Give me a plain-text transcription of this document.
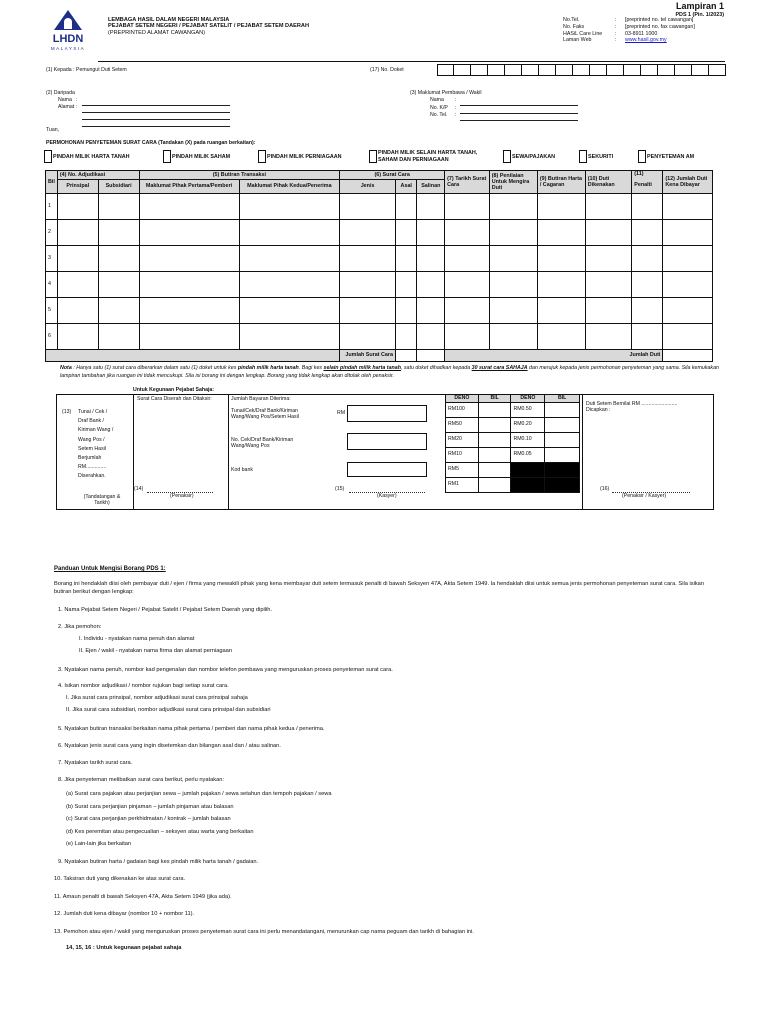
LHDN
MALAYSIA
LEMBAGA HASIL DALAM NEGERI MALAYSIA
PEJABAT SETEM NEGERI / PEJABAT SATELIT / PEJABAT SETEM DAERAH
(PREPRINTED ALAMAT CAWANGAN)
Lampiran 1
PDS 1 (Pin. 1/2023)
No.Tel.	:	[preprinted no. tel cawangan]
No. Faks	:	[preprinted no. fax cawangan]
HASiL Care Line	:	03-8911 1000
Laman Web	:	www.hasil.gov.my
(1) Kepada : Pemungut Duti Setem	(17) No. Doket
(2) Daripada
Nama
Alamat
:
:
(3) Maklumat Pembawa / Wakil
Nama
No. K/P
No. Tel.
:
:
:
Tuan,
PERMOHONAN PENYETEMAN SURAT CARA (Tandakan (X) pada ruangan berkaitan):
PINDAH MILIK HARTA TANAH	PINDAH MILIK SAHAM	PINDAH MILIK PERNIAGAAN
PINDAH MILIK SELAIN HARTA TANAH, SAHAM DAN PERNIAGAAN	SEWA/PAJAKAN	SEKURITI	PENYETEMAN AM
Bil	(4) No. Adjudikasi		(5) Butiran Transaksi		(6) Surat Cara			(7) Tarikh Surat Cara	(8) Penilaian Untuk Mengira Duti	(9) Butiran Harta / Cagaran	(10) Duti Dikenakan	(11)
Penalti	(12) Jumlah Duti Kena Dibayar
	Prinsipal	Subsidiari	Maklumat Pihak Pertama/Pemberi	Maklumat Pihak Kedua/Penerima	Jenis	Asal	Salinan						
1													
2													
3													
4													
5													
6													
					Jumlah Surat Cara			Jumlah Duti					
Nota : Hanya satu (1) surat cara diberarkan dalam satu (1) doket untuk kes pindah milik harta tanah. Bagi kes selain pindah milik harta tanah, satu doket dihadkan kepada 30 surat cara SAHAJA dan merujuk kepada jenis permohonan penyeteman yang sama. Sila kemukakan lampiran tambahan jika ruangan ini tidak mencukupi. Sila isi borang ini dengan lengkap. Borang yang tidak lengkap akan ditolak oleh penaksir.
Untuk Kegunaan Pejabat Sahaja:
(13) Tunai / Cek /
Draf Bank /
Kiriman Wang /
Wang Pos /
Setem Hasil
Berjumlah
RM..............
Diserahkan.
(Tandatangan &
Tarikh)
Surat Cara Diserah dan Ditaksir:
(14)
(Penaksir)
Jumlah Bayaran Diterima:
Tunai/Cek/Draf Bank/Kiriman Wang/Wang Pos/Setem Hasil
RM
No. Cek/Draf Bank/Kiriman Wang/Wang Pos
Kod bank
(15)
(Kasyer)
DENO	BIL	DENO	BIL
RM100		RM0.50	
RM50		RM0.20	
RM20		RM0.10	
RM10		RM0.05	
RM5			
RM1			
Duti Setem Bernilai RM .........................
Dicapkan :
(16)
(Penaksir / Kasyer)
Panduan Untuk Mengisi Borang PDS 1:
Borang ini hendaklah diisi oleh pembayar duti / ejen / firma yang mewakili pihak yang kena membayar duti setem termasuk penalti di bawah Seksyen 47A, Akta Setem 1949. Ia hendaklah diisi untuk semua jenis permohonan penyeteman surat cara. Sila isikan butiran berikut dengan lengkap:
1. Nama Pejabat Setem Negeri / Pejabat Satelit / Pejabat Setem Daerah yang dipilih.
2. Jika pemohon:
I. Individu - nyatakan nama penuh dan alamat
II. Ejen / wakil - nyatakan nama firma dan alamat perniagaan
3. Nyatakan nama penuh, nombor kad pengenalan dan nombor telefon pembawa yang menguruskan proses penyeteman surat cara.
4. Isikan nombor adjudikasi / nombor rujukan bagi setiap surat cara.
I. Jika surat cara prinsipal, nombor adjudikasi surat cara prinsipal sahaja
II. Jika surat cara subsidiari, nombor adjudikasi surat cara prinsipal dan subsidiari
5. Nyatakan butiran transaksi berkaitan nama pihak pertama / pemberi dan nama pihak kedua / penerima.
6. Nyatakan jenis surat cara yang ingin disetemkan dan bilangan asal dan / atau salinan.
7. Nyatakan tarikh surat cara.
8. Jika penyeteman melibatkan surat cara berikut, perlu nyatakan:
(a) Surat cara pajakan atau perjanjian sewa – jumlah pajakan / sewa setahun dan tempoh pajakan / sewa
(b) Surat cara perjanjian pinjaman – jumlah pinjaman atau balasan
(c) Surat cara perjanjian perkhidmatan / kontrak – jumlah balasan
(d) Kes peremitan atau pengecualian – seksyen atau warta yang berkaitan
(e) Lain-lain jika berkaitan
9. Nyatakan butiran harta / gadaian bagi kes pindah milik harta tanah / gadaian.
10. Taksiran duti yang dikenakan ke atas surat cara.
11. Amaun penalti di bawah Seksyen 47A, Akta Setem 1949 (jika ada).
12. Jumlah duti kena dibayar (nombor 10 + nombor 11).
13. Pemohon atau ejen / wakil yang menguruskan proses penyeteman surat cara ini perlu menandatangani, menurunkan cap nama peguam dan tarikh di bahagian ini.
14, 15, 16 : Untuk kegunaan pejabat sahaja
